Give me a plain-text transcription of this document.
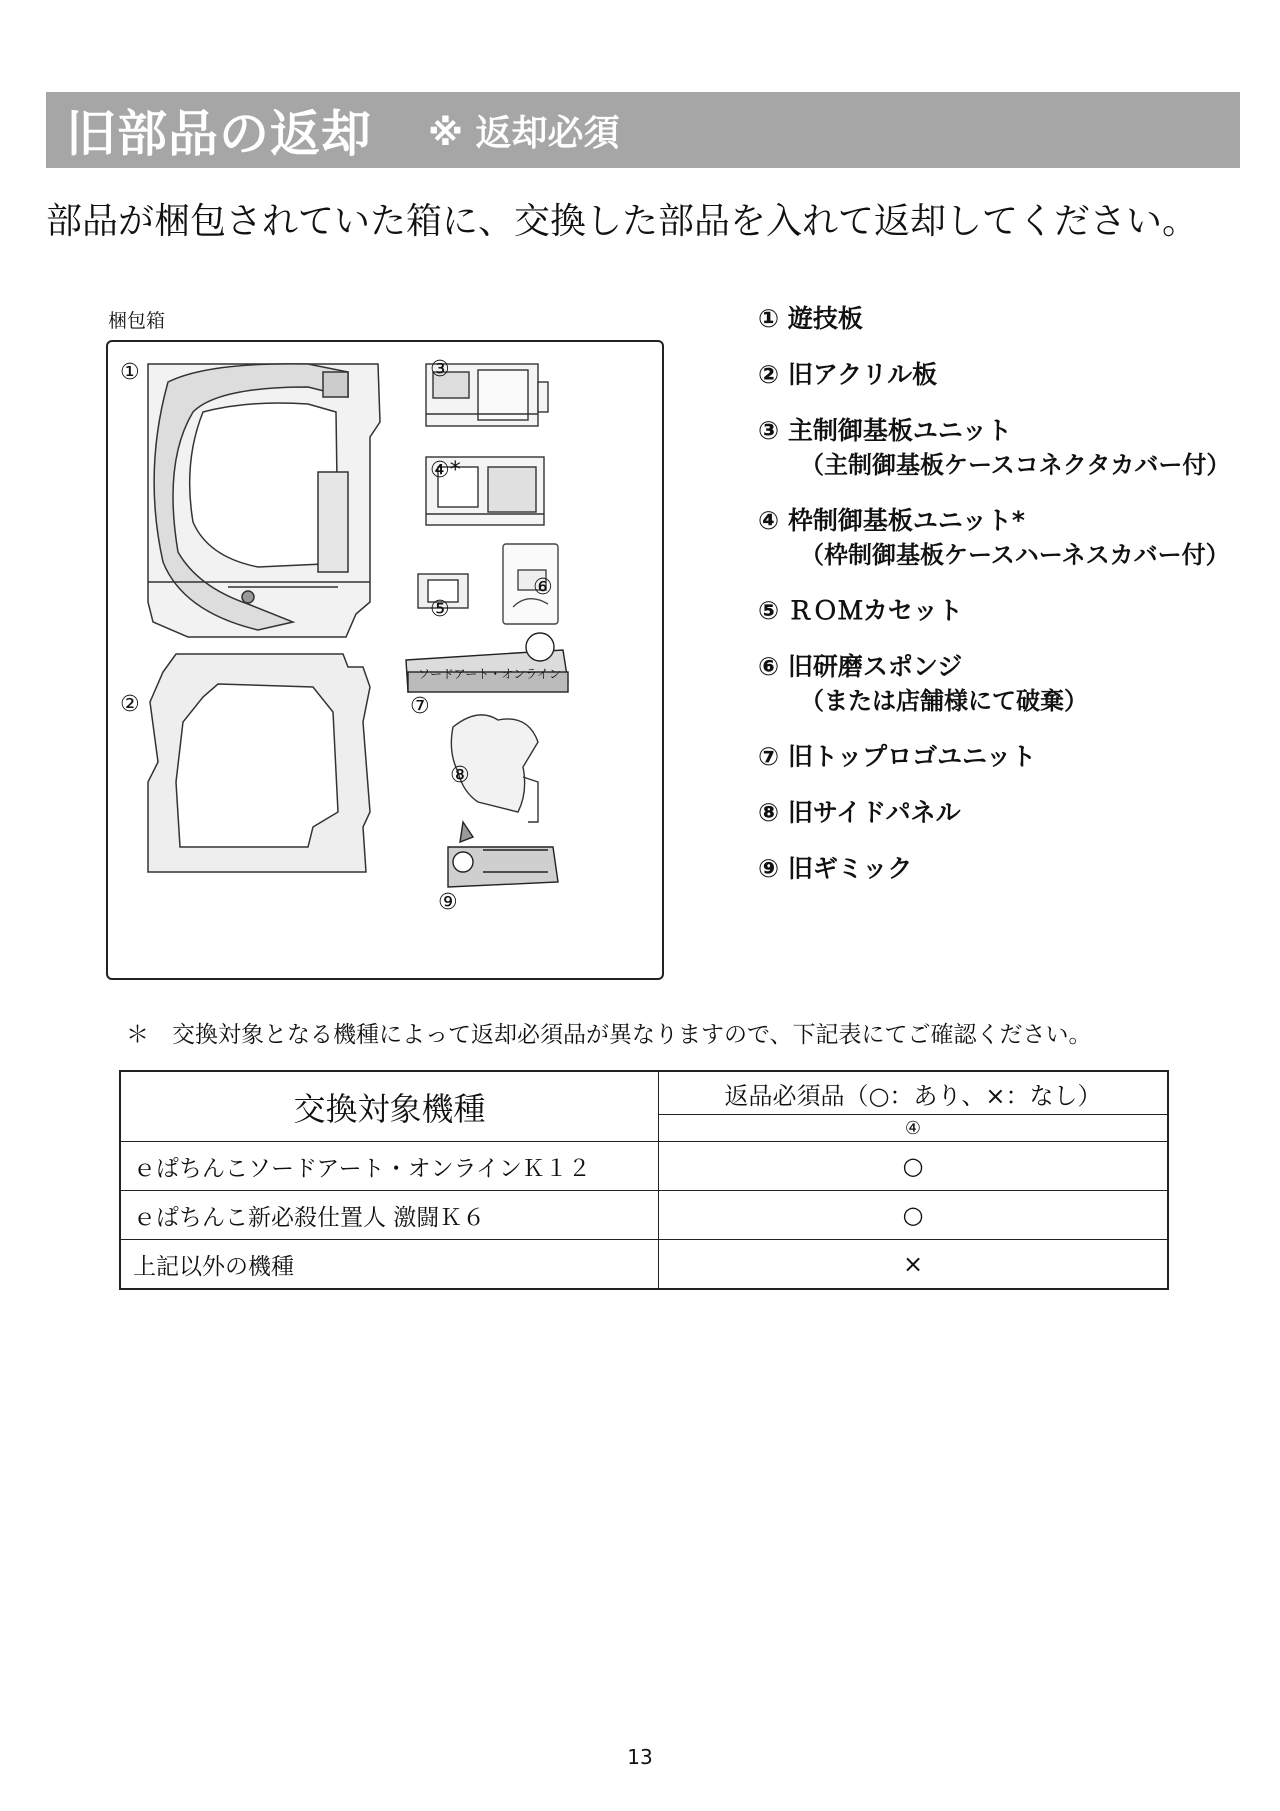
旧部品の返却 ※ 返却必須
部品が梱包されていた箱に、交換した部品を入れて返却してください。
梱包箱
ソードアート・オンライン
①
②
③
④*
⑤
⑥
⑦
⑧
⑨
① 遊技板
② 旧アクリル板
③ 主制御基板ユニット
（主制御基板ケースコネクタカバー付）
④ 枠制御基板ユニット*
（枠制御基板ケースハーネスカバー付）
⑤ ＲＯＭカセット
⑥ 旧研磨スポンジ
（または店舗様にて破棄）
⑦ 旧トップロゴユニット
⑧ 旧サイドパネル
⑨ 旧ギミック
＊　交換対象となる機種によって返却必須品が異なりますので、下記表にてご確認ください。
交換対象機種	返品必須品（○：あり、×：なし）
	④
ｅぱちんこソードアート・オンラインＫ１２	○
ｅぱちんこ新必殺仕置人 激闘Ｋ６	○
上記以外の機種	×
13
